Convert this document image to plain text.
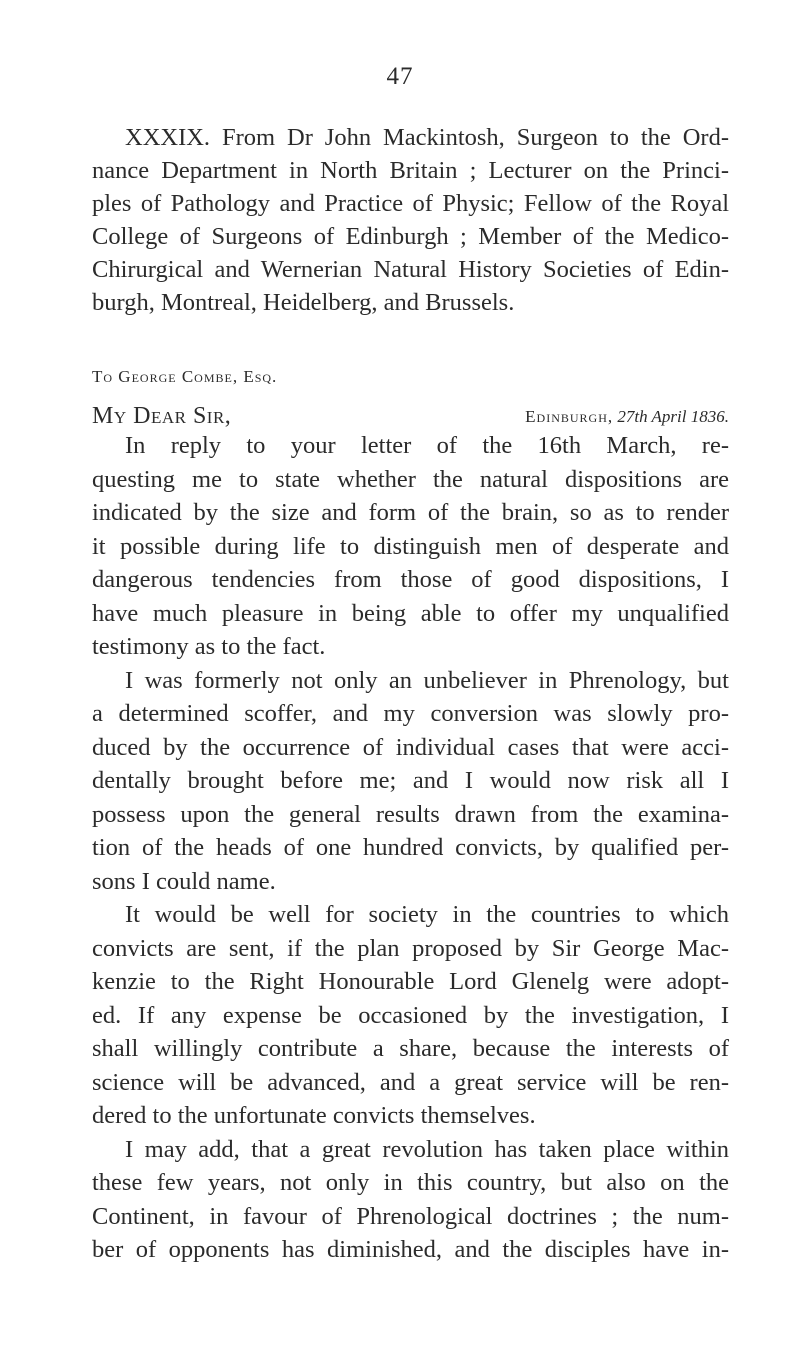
47
XXXIX. From Dr John Mackintosh, Surgeon to the Ord-
nance Department in North Britain ; Lecturer on the Princi-
ples of Pathology and Practice of Physic; Fellow of the Royal
College of Surgeons of Edinburgh ; Member of the Medico-
Chirurgical and Wernerian Natural History Societies of Edin-
burgh, Montreal, Heidelberg, and Brussels.
To George Combe, Esq.
My Dear Sir,	Edinburgh, 27th April 1836.
In reply to your letter of the 16th March, re-
questing me to state whether the natural dispositions are
indicated by the size and form of the brain, so as to render
it possible during life to distinguish men of desperate and
dangerous tendencies from those of good dispositions, I
have much pleasure in being able to offer my unqualified
testimony as to the fact.
I was formerly not only an unbeliever in Phrenology, but
a determined scoffer, and my conversion was slowly pro-
duced by the occurrence of individual cases that were acci-
dentally brought before me; and I would now risk all I
possess upon the general results drawn from the examina-
tion of the heads of one hundred convicts, by qualified per-
sons I could name.
It would be well for society in the countries to which
convicts are sent, if the plan proposed by Sir George Mac-
kenzie to the Right Honourable Lord Glenelg were adopt-
ed. If any expense be occasioned by the investigation, I
shall willingly contribute a share, because the interests of
science will be advanced, and a great service will be ren-
dered to the unfortunate convicts themselves.
I may add, that a great revolution has taken place within
these few years, not only in this country, but also on the
Continent, in favour of Phrenological doctrines ; the num-
ber of opponents has diminished, and the disciples have in-
